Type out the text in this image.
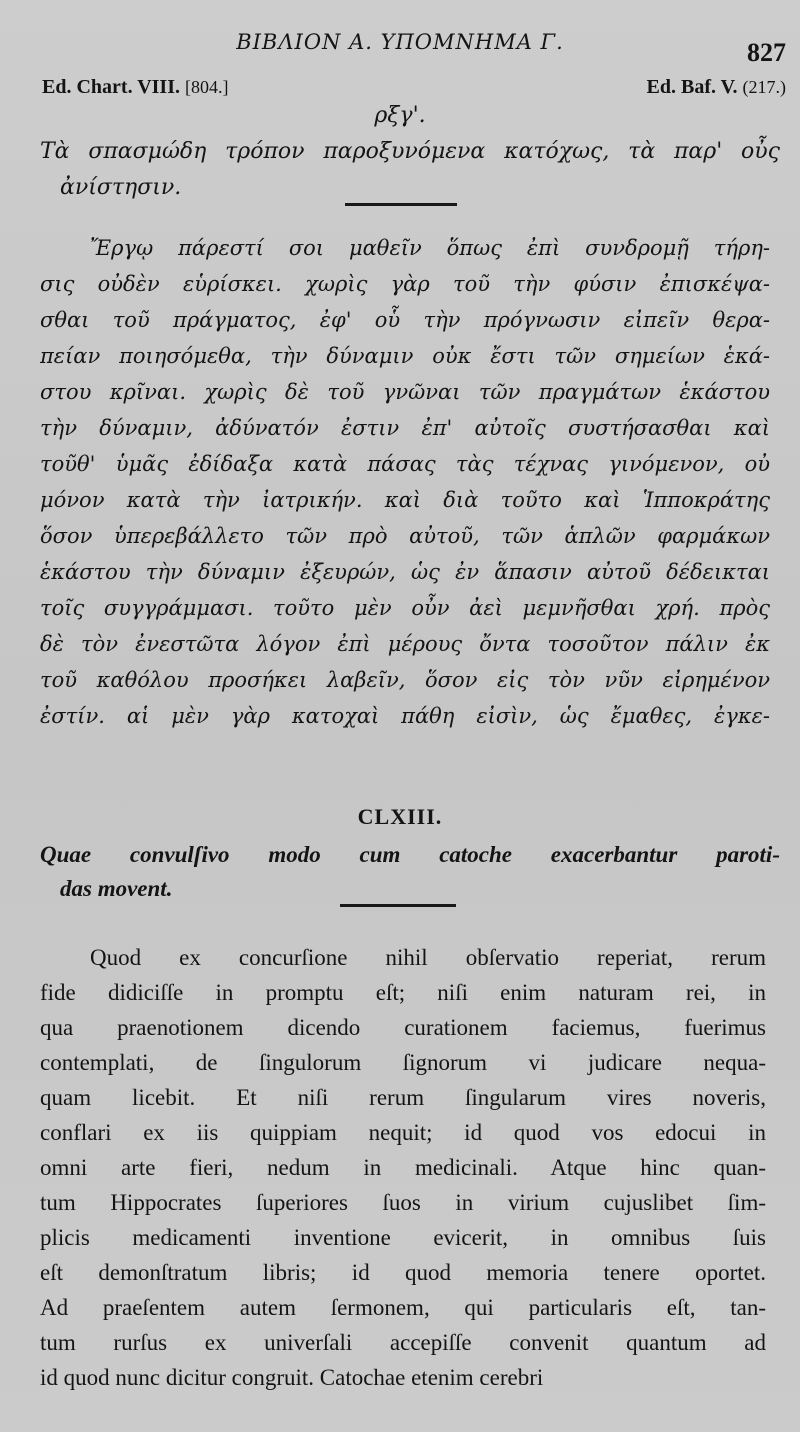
ΒΙΒΛΙΟΝ Α. ΥΠΟΜΝΗΜΑ Γ.	827
Ed. Chart. VIII. [804.]	Ed. Baf. V. (217.)
ρξγ'.
Τὰ σπασμώδη τρόπον παροξυνόμενα κατόχως, τὰ παρ' οὖς
ἀνίστησιν.
Ἔργῳ πάρεστί σοι μαθεῖν ὅπως ἐπὶ συνδρομῇ τήρη-
σις οὐδὲν εὑρίσκει. χωρὶς γὰρ τοῦ τὴν φύσιν ἐπισκέψα-
σθαι τοῦ πράγματος, ἐφ' οὗ τὴν πρόγνωσιν εἰπεῖν θερα-
πείαν ποιησόμεθα, τὴν δύναμιν οὐκ ἔστι τῶν σημείων ἑκά-
στου κρῖναι. χωρὶς δὲ τοῦ γνῶναι τῶν πραγμάτων ἑκάστου
τὴν δύναμιν, ἀδύνατόν ἐστιν ἐπ' αὐτοῖς συστήσασθαι καὶ
τοῦθ' ὑμᾶς ἐδίδαξα κατὰ πάσας τὰς τέχνας γινόμενον, οὐ
μόνον κατὰ τὴν ἰατρικήν. καὶ διὰ τοῦτο καὶ Ἱπποκράτης
ὅσον ὑπερεβάλλετο τῶν πρὸ αὐτοῦ, τῶν ἁπλῶν φαρμάκων
ἑκάστου τὴν δύναμιν ἐξευρών, ὡς ἐν ἅπασιν αὐτοῦ δέδεικται
τοῖς συγγράμμασι. τοῦτο μὲν οὖν ἀεὶ μεμνῆσθαι χρή. πρὸς
δὲ τὸν ἐνεστῶτα λόγον ἐπὶ μέρους ὄντα τοσοῦτον πάλιν ἐκ
τοῦ καθόλου προσήκει λαβεῖν, ὅσον εἰς τὸν νῦν εἰρημένον
ἐστίν. αἱ μὲν γὰρ κατοχαὶ πάθη εἰσὶν, ὡς ἔμαθες, ἐγκε-
CLXIII.
Quae convulſivo modo cum catoche exacerbantur paroti-
das movent.
Quod ex concurſione nihil obſervatio reperiat, rerum
fide didiciſſe in promptu eſt; niſi enim naturam rei, in
qua praenotionem dicendo curationem faciemus, fuerimus
contemplati, de ſingulorum ſignorum vi judicare nequa-
quam licebit. Et niſi rerum ſingularum vires noveris,
conflari ex iis quippiam nequit; id quod vos edocui in
omni arte fieri, nedum in medicinali. Atque hinc quan-
tum Hippocrates ſuperiores ſuos in virium cujuslibet ſim-
plicis medicamenti inventione evicerit, in omnibus ſuis
eſt demonſtratum libris; id quod memoria tenere oportet.
Ad praeſentem autem ſermonem, qui particularis eſt, tan-
tum rurſus ex univerſali accepiſſe convenit quantum ad
id quod nunc dicitur congruit. Catochae etenim cerebri
